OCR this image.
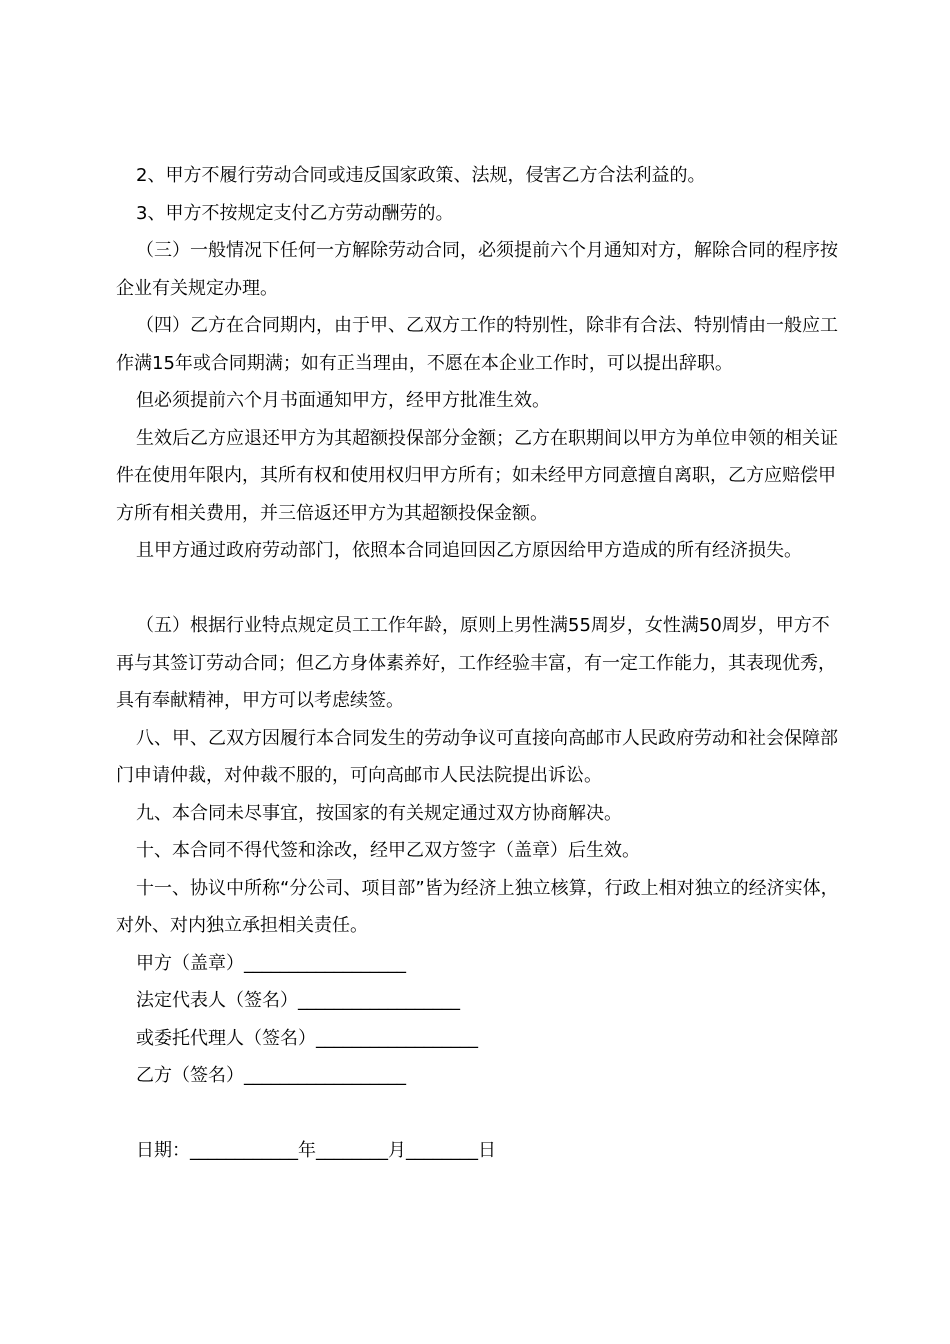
2、甲方不履行劳动合同或违反国家政策、法规，侵害乙方合法利益的。

3、甲方不按规定支付乙方劳动酬劳的。

（三）一般情况下任何一方解除劳动合同，必须提前六个月通知对方，解除合同的程序按企业有关规定办理。

（四）乙方在合同期内，由于甲、乙双方工作的特别性，除非有合法、特别情由一般应工作满15年或合同期满；如有正当理由，不愿在本企业工作时，可以提出辞职。

但必须提前六个月书面通知甲方，经甲方批准生效。

生效后乙方应退还甲方为其超额投保部分金额；乙方在职期间以甲方为单位申领的相关证件在使用年限内，其所有权和使用权归甲方所有；如未经甲方同意擅自离职，乙方应赔偿甲方所有相关费用，并三倍返还甲方为其超额投保金额。

且甲方通过政府劳动部门，依照本合同追回因乙方原因给甲方造成的所有经济损失。

（五）根据行业特点规定员工工作年龄，原则上男性满55周岁，女性满50周岁，甲方不再与其签订劳动合同；但乙方身体素养好，工作经验丰富，有一定工作能力，其表现优秀，具有奉献精神，甲方可以考虑续签。

八、甲、乙双方因履行本合同发生的劳动争议可直接向高邮市人民政府劳动和社会保障部门申请仲裁，对仲裁不服的，可向高邮市人民法院提出诉讼。

九、本合同未尽事宜，按国家的有关规定通过双方协商解决。

十、本合同不得代签和涂改，经甲乙双方签字（盖章）后生效。

十一、协议中所称“分公司、项目部”皆为经济上独立核算，行政上相对独立的经济实体，对外、对内独立承担相关责任。

甲方（盖章）__________________

法定代表人（签名）__________________

或委托代理人（签名）__________________

乙方（签名）__________________

日期：____________年________月________日
